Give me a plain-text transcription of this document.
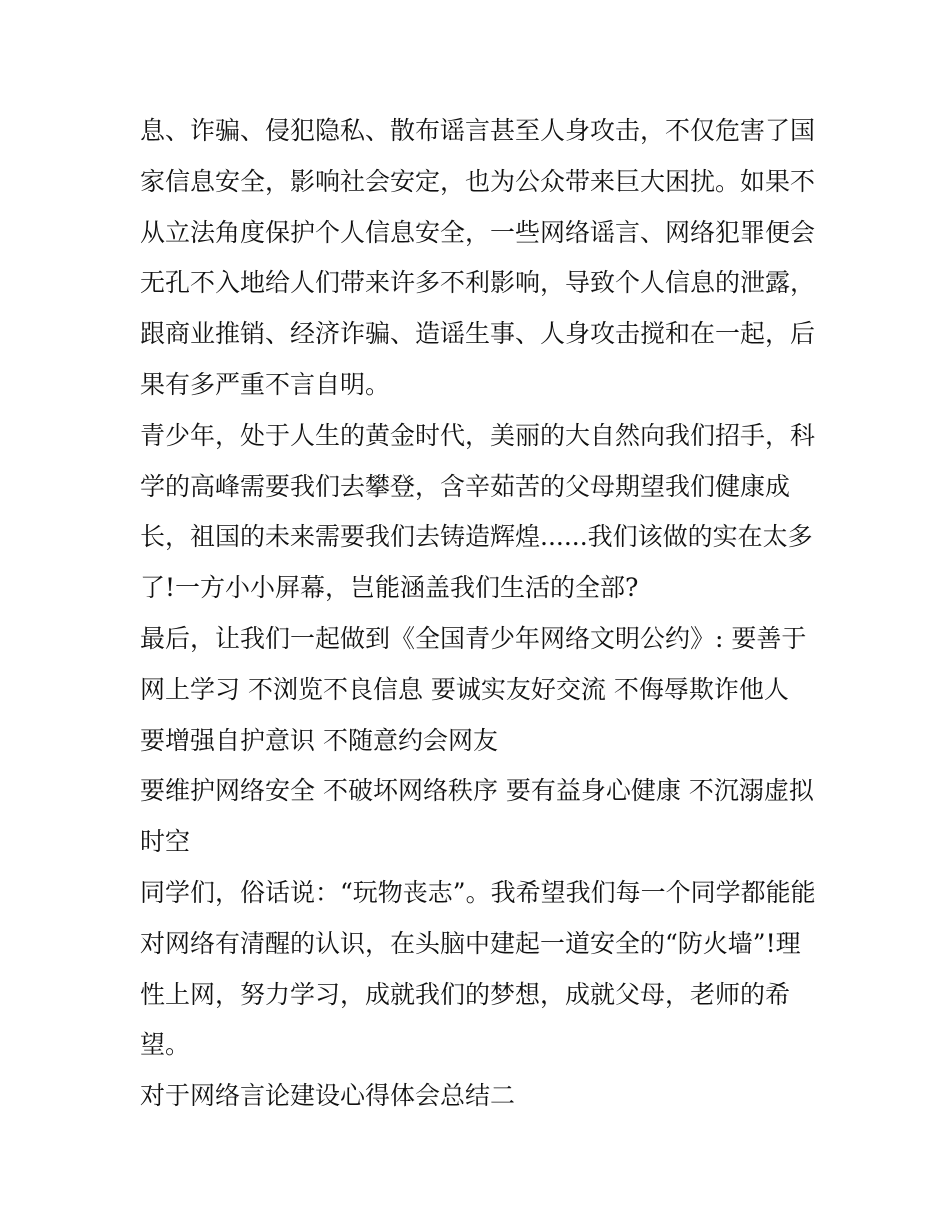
息、诈骗、侵犯隐私、散布谣言甚至人身攻击，不仅危害了国
家信息安全，影响社会安定，也为公众带来巨大困扰。如果不
从立法角度保护个人信息安全，一些网络谣言、网络犯罪便会
无孔不入地给人们带来许多不利影响，导致个人信息的泄露，
跟商业推销、经济诈骗、造谣生事、人身攻击搅和在一起，后
果有多严重不言自明。
青少年，处于人生的黄金时代，美丽的大自然向我们招手，科
学的高峰需要我们去攀登，含辛茹苦的父母期望我们健康成
长，祖国的未来需要我们去铸造辉煌......我们该做的实在太多
了!一方小小屏幕，岂能涵盖我们生活的全部?
最后，让我们一起做到《全国青少年网络文明公约》: 要善于
网上学习 不浏览不良信息 要诚实友好交流 不侮辱欺诈他人
要增强自护意识 不随意约会网友
要维护网络安全 不破坏网络秩序 要有益身心健康 不沉溺虚拟
时空
同学们，俗话说：“玩物丧志”。我希望我们每一个同学都能能
对网络有清醒的认识，在头脑中建起一道安全的“防火墙”!理
性上网，努力学习，成就我们的梦想，成就父母，老师的希
望。
对于网络言论建设心得体会总结二
